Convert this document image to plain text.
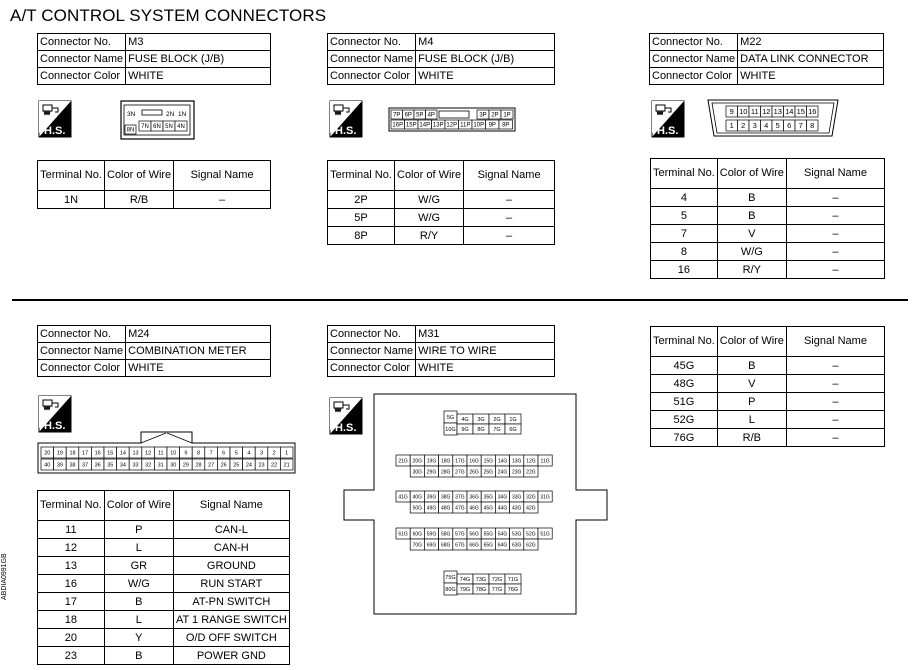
A/T CONTROL SYSTEM CONNECTORS
Connector No.	M3
Connector Name	FUSE BLOCK (J/B)
Connector Color	WHITE
H.S.
3N	2N 1N
8N
7N 6N 5N 4N
Terminal No.	Color of Wire	Signal Name
1N	R/B	–
Connector No.	M4
Connector Name	FUSE BLOCK (J/B)
Connector Color	WHITE
H.S.
7P 6P 5P 4P	3P 2P 1P
16P 15P 14P 13P 12P 11P 10P 9P 8P
Terminal No.	Color of Wire	Signal Name
2P	W/G	–
5P	W/G	–
8P	R/Y	–
Connector No.	M22
Connector Name	DATA LINK CONNECTOR
Connector Color	WHITE
H.S.
9 10 11 12 13 14 15 16
1 2 3 4 5 6 7 8
Terminal No.	Color of Wire	Signal Name
4	B	–
5	B	–
7	V	–
8	W/G	–
16	R/Y	–
Connector No.	M24
Connector Name	COMBINATION METER
Connector Color	WHITE
H.S.
20 19 18 17 16 15 14 13 12 11 10 9 8 7 6 5 4 3 2 1
40 39 38 37 36 35 34 33 32 31 30 29 28 27 26 25 24 23 22 21
Terminal No.	Color of Wire	Signal Name
11	P	CAN-L
12	L	CAN-H
13	GR	GROUND
16	W/G	RUN START
17	B	AT-PN SWITCH
18	L	AT 1 RANGE SWITCH
20	Y	O/D OFF SWITCH
23	B	POWER GND
Connector No.	M31
Connector Name	WIRE TO WIRE
Connector Color	WHITE
H.S.
5G
10G
4G 3G 2G 1G
9G 8G 7G 6G
21G 20G 19G 18G 17G 16G 15G 14G 13G 12G 11G
30G 29G 28G 27G 26G 25G 24G 23G 22G
41G 40G 39G 38G 37G 36G 35G 34G 33G 32G 31G
50G 49G 48G 47G 46G 45G 44G 43G 42G
61G 60G 59G 58G 57G 56G 55G 54G 53G 52G 51G
70G 69G 68G 67G 66G 65G 64G 63G 62G
75G
80G
74G 73G 72G 71G
79G 78G 77G 76G
Terminal No.	Color of Wire	Signal Name
45G	B	–
48G	V	–
51G	P	–
52G	L	–
76G	R/B	–
ABDIA0991GB
